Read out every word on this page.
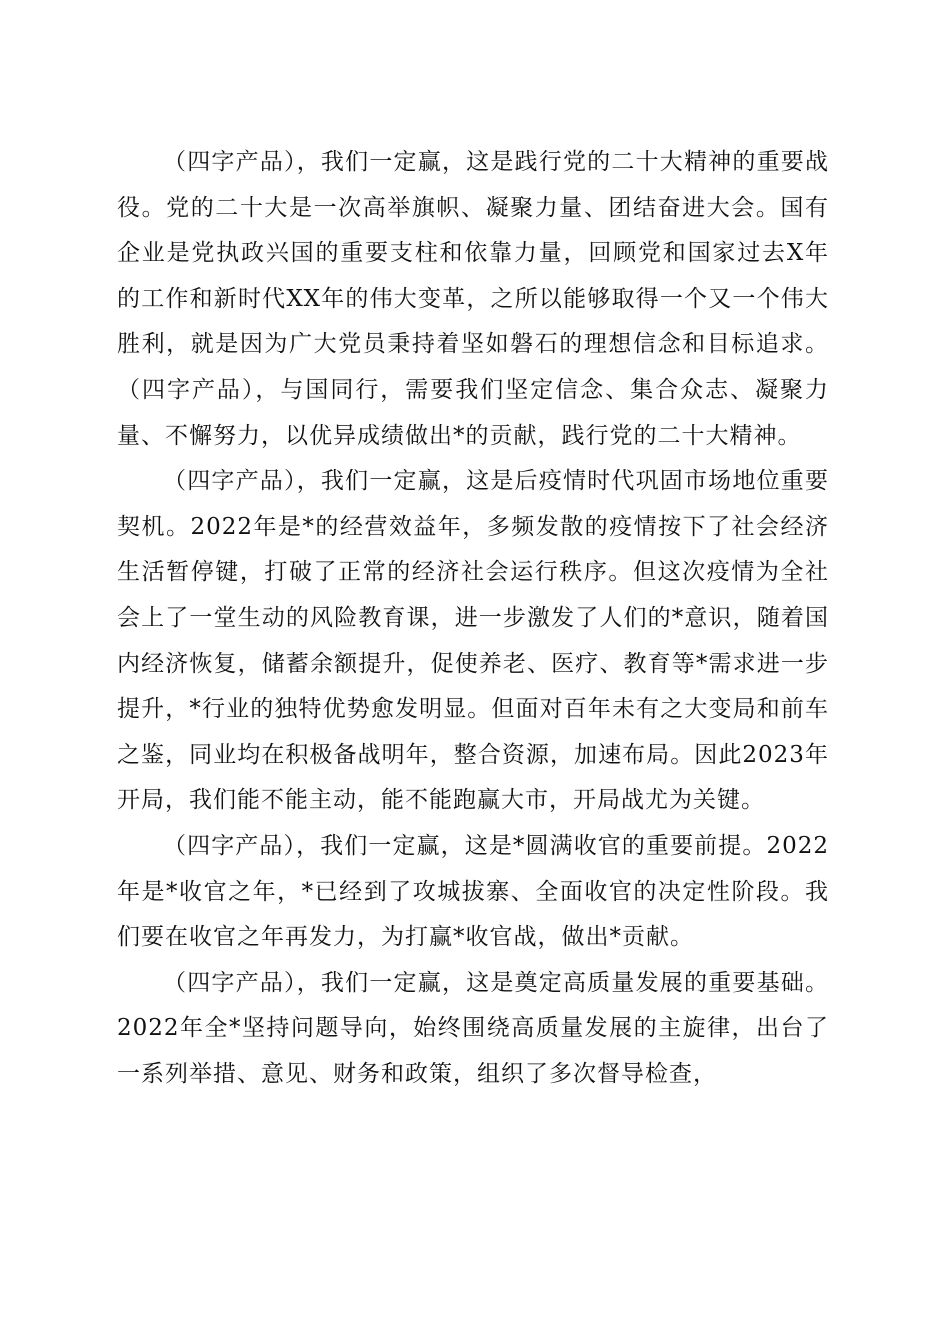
（四字产品），我们一定赢，这是践行党的二十大精神的重要战役。党的二十大是一次高举旗帜、凝聚力量、团结奋进大会。国有企业是党执政兴国的重要支柱和依靠力量，回顾党和国家过去X年的工作和新时代XX年的伟大变革，之所以能够取得一个又一个伟大胜利，就是因为广大党员秉持着坚如磐石的理想信念和目标追求。（四字产品），与国同行，需要我们坚定信念、集合众志、凝聚力量、不懈努力，以优异成绩做出*的贡献，践行党的二十大精神。

（四字产品），我们一定赢，这是后疫情时代巩固市场地位重要契机。2022年是*的经营效益年，多频发散的疫情按下了社会经济生活暂停键，打破了正常的经济社会运行秩序。但这次疫情为全社会上了一堂生动的风险教育课，进一步激发了人们的*意识，随着国内经济恢复，储蓄余额提升，促使养老、医疗、教育等*需求进一步提升，*行业的独特优势愈发明显。但面对百年未有之大变局和前车之鉴，同业均在积极备战明年，整合资源，加速布局。因此2023年开局，我们能不能主动，能不能跑赢大市，开局战尤为关键。

（四字产品），我们一定赢，这是*圆满收官的重要前提。2022年是*收官之年，*已经到了攻城拔寨、全面收官的决定性阶段。我们要在收官之年再发力，为打赢*收官战，做出*贡献。

（四字产品），我们一定赢，这是奠定高质量发展的重要基础。2022年全*坚持问题导向，始终围绕高质量发展的主旋律，出台了一系列举措、意见、财务和政策，组织了多次督导检查，
